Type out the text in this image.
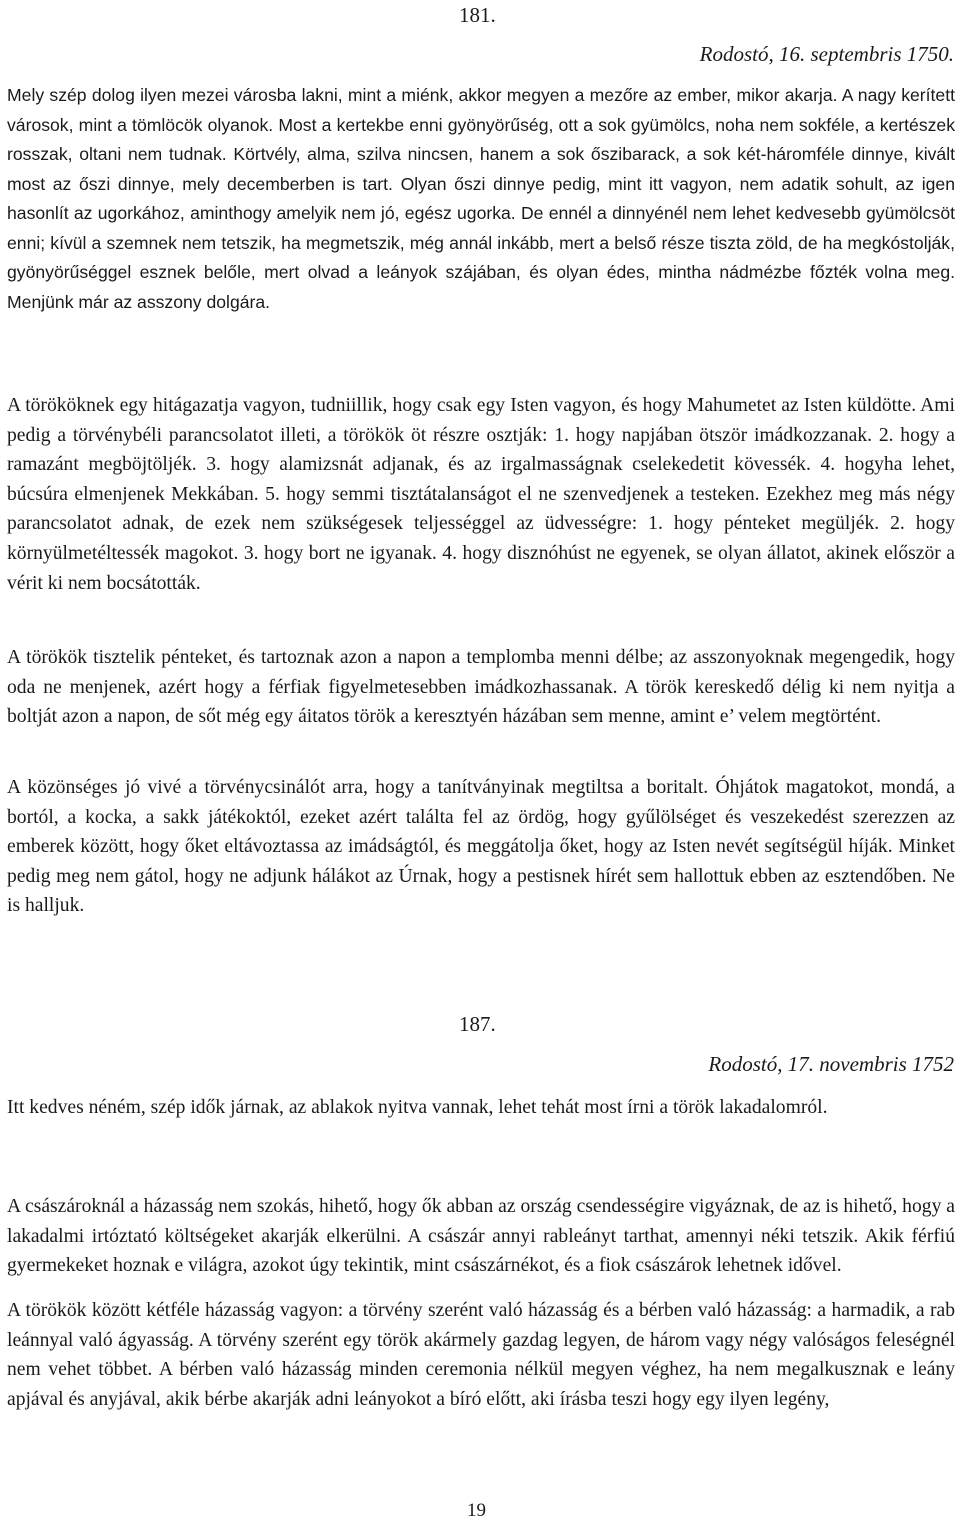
181.
Rodostó, 16. septembris 1750.

Mely szép dolog ilyen mezei városba lakni, mint a miénk, akkor megyen a mezőre az ember, mikor akarja. A nagy kerített városok, mint a tömlöcök olyanok. Most a kertekbe enni gyönyörűség, ott a sok gyümölcs, noha nem sokféle, a kertészek rosszak, oltani nem tudnak. Körtvély, alma, szilva nincsen, hanem a sok őszibarack, a sok két-háromféle dinnye, kivált most az őszi dinnye, mely decemberben is tart. Olyan őszi dinnye pedig, mint itt vagyon, nem adatik sohult, az igen hasonlít az ugorkához, aminthogy amelyik nem jó, egész ugorka. De ennél a dinnyénél nem lehet kedvesebb gyümölcsöt enni; kívül a szemnek nem tetszik, ha megmetszik, még annál inkább, mert a belső része tiszta zöld, de ha megkóstolják, gyönyörűséggel esznek belőle, mert olvad a leányok szájában, és olyan édes, mintha nádmézbe főzték volna meg. Menjünk már az asszony dolgára.

A törököknek egy hitágazatja vagyon, tudniillik, hogy csak egy Isten vagyon, és hogy Mahumetet az Isten küldötte. Ami pedig a törvénybéli parancsolatot illeti, a törökök öt részre osztják: 1. hogy napjában ötször imádkozzanak. 2. hogy a ramazánt megböjtöljék. 3. hogy alamizsnát adjanak, és az irgalmasságnak cselekedetit kövessék. 4. hogyha lehet, búcsúra elmenjenek Mekkában. 5. hogy semmi tisztátalanságot el ne szenvedjenek a testeken. Ezekhez meg más négy parancsolatot adnak, de ezek nem szükségesek teljességgel az üdvességre: 1. hogy pénteket megüljék. 2. hogy környülmetéltessék magokot. 3. hogy bort ne igyanak. 4. hogy disznóhúst ne egyenek, se olyan állatot, akinek először a vérit ki nem bocsátották.

A törökök tisztelik pénteket, és tartoznak azon a napon a templomba menni délbe; az asszonyoknak megengedik, hogy oda ne menjenek, azért hogy a férfiak figyelmetesebben imádkozhassanak. A török kereskedő délig ki nem nyitja a boltját azon a napon, de sőt még egy áitatos török a keresztyén házában sem menne, amint e’ velem megtörtént.

A közönséges jó vivé a törvénycsinálót arra, hogy a tanítványinak megtiltsa a boritalt. Óhjátok magatokot, mondá, a bortól, a kocka, a sakk játékoktól, ezeket azért találta fel az ördög, hogy gyűlölséget és veszekedést szerezzen az emberek között, hogy őket eltávoztassa az imádságtól, és meggátolja őket, hogy az Isten nevét segítségül híják. Minket pedig meg nem gátol, hogy ne adjunk hálákot az Úrnak, hogy a pestisnek hírét sem hallottuk ebben az esztendőben. Ne is halljuk.

187.
Rodostó, 17. novembris 1752

Itt kedves néném, szép idők járnak, az ablakok nyitva vannak, lehet tehát most írni a török lakadalomról.

A császároknál a házasság nem szokás, hihető, hogy ők abban az ország csendességire vigyáznak, de az is hihető, hogy a lakadalmi irtóztató költségeket akarják elkerülni. A császár annyi rableányt tarthat, amennyi néki tetszik. Akik férfiú gyermekeket hoznak e világra, azokot úgy tekintik, mint császárnékot, és a fiok császárok lehetnek idővel.

A törökök között kétféle házasság vagyon: a törvény szerént való házasság és a bérben való házasság: a harmadik, a rab leánnyal való ágyasság. A törvény szerént egy török akármely gazdag legyen, de három vagy négy valóságos feleségnél nem vehet többet. A bérben való házasság minden ceremonia nélkül megyen véghez, ha nem megalkusznak e leány apjával és anyjával, akik bérbe akarják adni leányokot a bíró előtt, aki írásba teszi hogy egy ilyen legény,

19
